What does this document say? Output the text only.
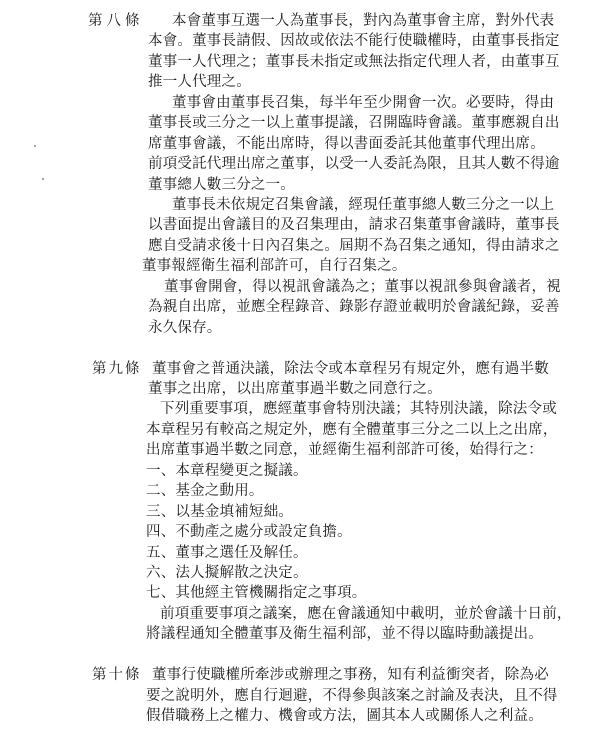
第八條 本會董事互選一人為董事長，對內為董事會主席，對外代表
本會。董事長請假、因故或依法不能行使職權時，由董事長指定
董事一人代理之；董事長未指定或無法指定代理人者，由董事互
推一人代理之。
董事會由董事長召集，每半年至少開會一次。必要時，得由
董事長或三分之一以上董事提議，召開臨時會議。董事應親自出
席董事會議，不能出席時，得以書面委託其他董事代理出席。
前項受託代理出席之董事，以受一人委託為限，且其人數不得逾
董事總人數三分之一。
董事長未依規定召集會議，經現任董事總人數三分之一以上
以書面提出會議目的及召集理由，請求召集董事會議時，董事長
應自受請求後十日內召集之。屆期不為召集之通知，得由請求之
董事報經衛生福利部許可，自行召集之。
董事會開會，得以視訊會議為之；董事以視訊參與會議者，視
為親自出席，並應全程錄音、錄影存證並載明於會議紀錄，妥善
永久保存。
第九條 董事會之普通決議，除法令或本章程另有規定外，應有過半數
董事之出席，以出席董事過半數之同意行之。
下列重要事項，應經董事會特別決議；其特別決議，除法令或
本章程另有較高之規定外，應有全體董事三分之二以上之出席，
出席董事過半數之同意，並經衛生福利部許可後，始得行之：
一、本章程變更之擬議。
二、基金之動用。
三、以基金填補短絀。
四、不動產之處分或設定負擔。
五、董事之選任及解任。
六、法人擬解散之決定。
七、其他經主管機關指定之事項。
前項重要事項之議案，應在會議通知中載明，並於會議十日前，
將議程通知全體董事及衛生福利部，並不得以臨時動議提出。
第十條 董事行使職權所牽涉或辦理之事務，知有利益衝突者，除為必
要之說明外，應自行迴避，不得參與該案之討論及表決，且不得
假借職務上之權力、機會或方法，圖其本人或關係人之利益。
